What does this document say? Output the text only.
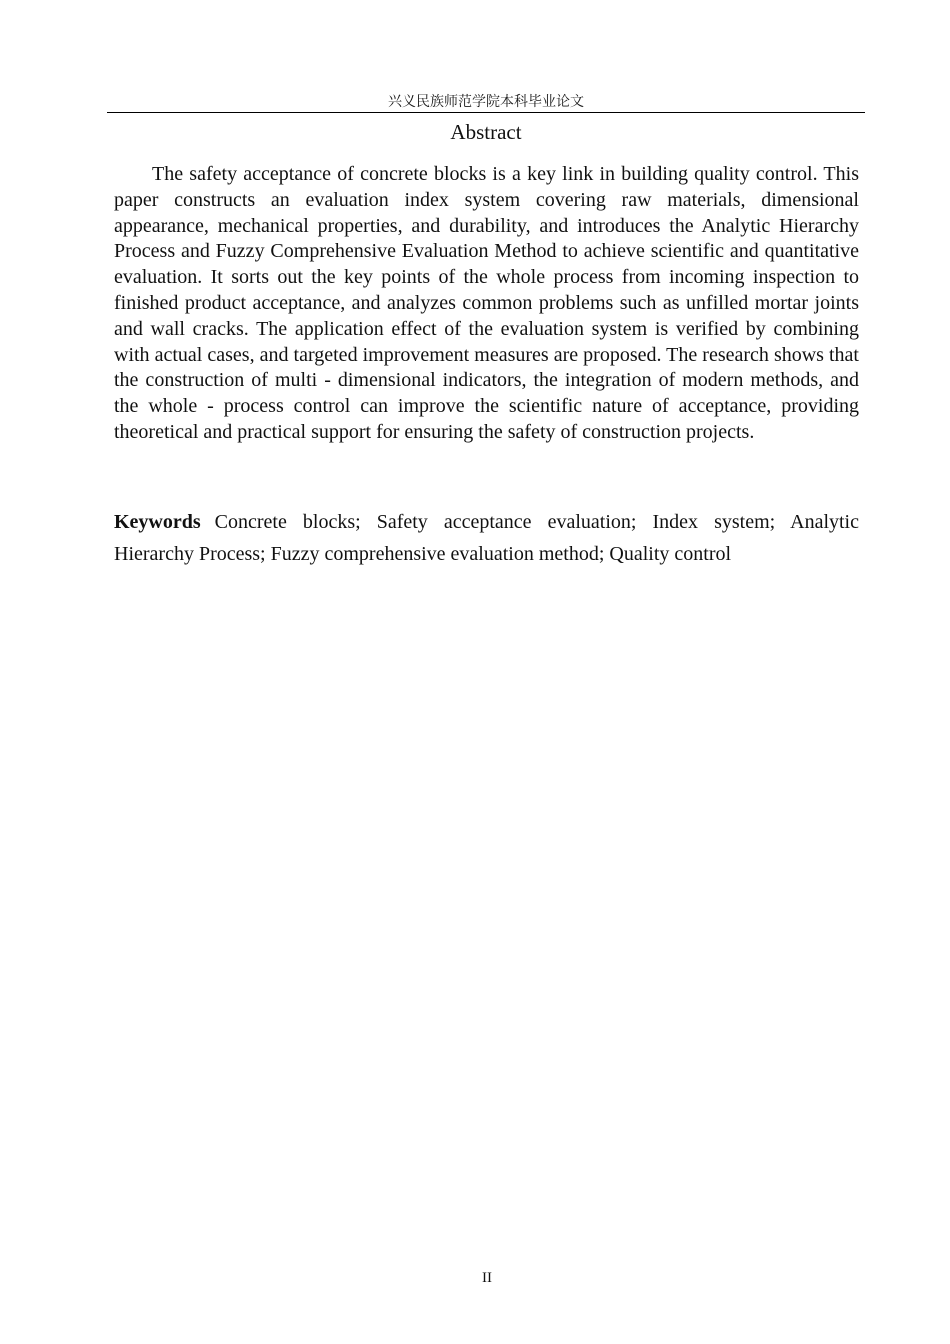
兴义民族师范学院本科毕业论文
Abstract

The safety acceptance of concrete blocks is a key link in building quality control. This paper constructs an evaluation index system covering raw materials, dimensional appearance, mechanical properties, and durability, and introduces the Analytic Hierarchy Process and Fuzzy Comprehensive Evaluation Method to achieve scientific and quantitative evaluation. It sorts out the key points of the whole process from incoming inspection to finished product acceptance, and analyzes common problems such as unfilled mortar joints and wall cracks. The application effect of the evaluation system is verified by combining with actual cases, and targeted improvement measures are proposed. The research shows that the construction of multi - dimensional indicators, the integration of modern methods, and the whole - process control can improve the scientific nature of acceptance, providing theoretical and practical support for ensuring the safety of construction projects.

Keywords Concrete blocks; Safety acceptance evaluation; Index system; Analytic Hierarchy Process; Fuzzy comprehensive evaluation method; Quality control

II
